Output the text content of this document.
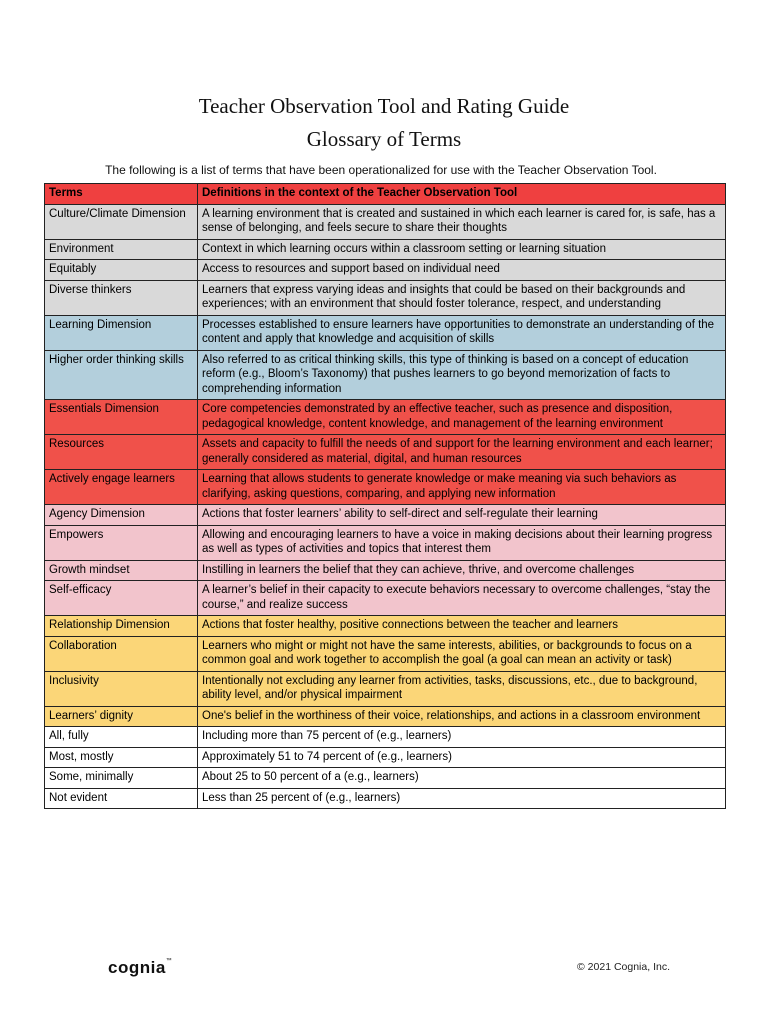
Teacher Observation Tool and Rating Guide
Glossary of Terms
The following is a list of terms that have been operationalized for use with the Teacher Observation Tool.
Terms	Definitions in the context of the Teacher Observation Tool
Culture/Climate Dimension	A learning environment that is created and sustained in which each learner is cared for, is safe, has a sense of belonging, and feels secure to share their thoughts
Environment	Context in which learning occurs within a classroom setting or learning situation
Equitably	Access to resources and support based on individual need
Diverse thinkers	Learners that express varying ideas and insights that could be based on their backgrounds and experiences; with an environment that should foster tolerance, respect, and understanding
Learning Dimension	Processes established to ensure learners have opportunities to demonstrate an understanding of the content and apply that knowledge and acquisition of skills
Higher order thinking skills	Also referred to as critical thinking skills, this type of thinking is based on a concept of education reform (e.g., Bloom’s Taxonomy) that pushes learners to go beyond memorization of facts to comprehending information
Essentials Dimension	Core competencies demonstrated by an effective teacher, such as presence and disposition, pedagogical knowledge, content knowledge, and management of the learning environment
Resources	Assets and capacity to fulfill the needs of and support for the learning environment and each learner; generally considered as material, digital, and human resources
Actively engage learners	Learning that allows students to generate knowledge or make meaning via such behaviors as clarifying, asking questions, comparing, and applying new information
Agency Dimension	Actions that foster learners’ ability to self-direct and self-regulate their learning
Empowers	Allowing and encouraging learners to have a voice in making decisions about their learning progress as well as types of activities and topics that interest them
Growth mindset	Instilling in learners the belief that they can achieve, thrive, and overcome challenges
Self-efficacy	A learner’s belief in their capacity to execute behaviors necessary to overcome challenges, “stay the course,” and realize success
Relationship Dimension	Actions that foster healthy, positive connections between the teacher and learners
Collaboration	Learners who might or might not have the same interests, abilities, or backgrounds to focus on a common goal and work together to accomplish the goal (a goal can mean an activity or task)
Inclusivity	Intentionally not excluding any learner from activities, tasks, discussions, etc., due to background, ability level, and/or physical impairment
Learners’ dignity	One's belief in the worthiness of their voice, relationships, and actions in a classroom environment
All, fully	Including more than 75 percent of (e.g., learners)
Most, mostly	Approximately 51 to 74 percent of (e.g., learners)
Some, minimally	About 25 to 50 percent of a (e.g., learners)
Not evident	Less than 25 percent of (e.g., learners)
cognia™	© 2021 Cognia, Inc.
